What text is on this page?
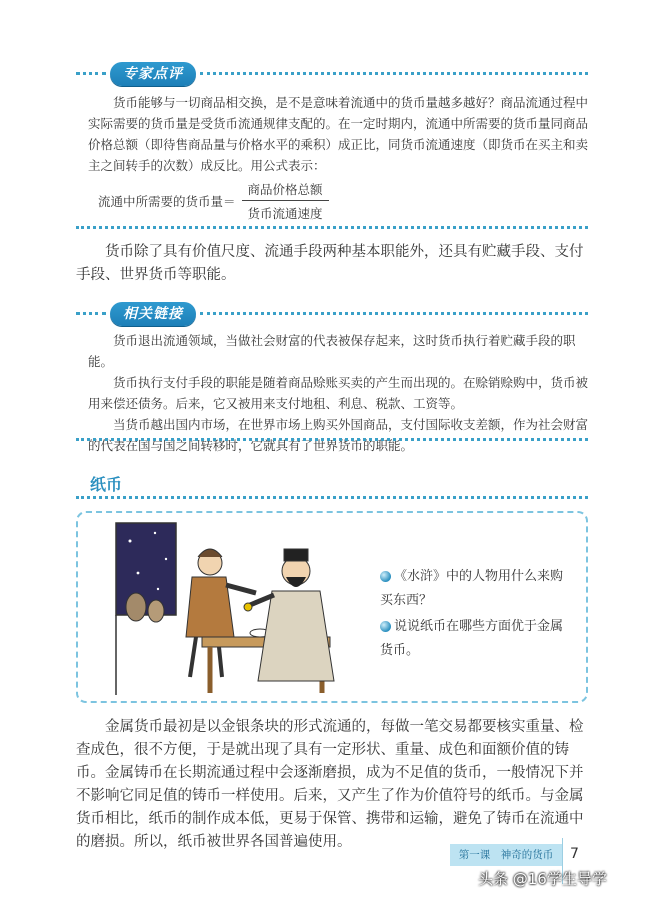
专家点评

货币能够与一切商品相交换，是不是意味着流通中的货币量越多越好？商品流通过程中实际需要的货币量是受货币流通规律支配的。在一定时期内，流通中所需要的货币量同商品价格总额（即待售商品量与价格水平的乘积）成正比，同货币流通速度（即货币在买主和卖主之间转手的次数）成反比。用公式表示：

流通中所需要的货币量＝ $\frac{\text{商品价格总额}}{\text{货币流通速度}}$

货币除了具有价值尺度、流通手段两种基本职能外，还具有贮藏手段、支付手段、世界货币等职能。

相关链接

货币退出流通领域，当做社会财富的代表被保存起来，这时货币执行着贮藏手段的职能。

货币执行支付手段的职能是随着商品赊账买卖的产生而出现的。在赊销赊购中，货币被用来偿还债务。后来，它又被用来支付地租、利息、税款、工资等。

当货币越出国内市场，在世界市场上购买外国商品，支付国际收支差额，作为社会财富的代表在国与国之间转移时，它就具有了世界货币的职能。

纸币
《水浒》中的人物用什么来购买东西？
说说纸币在哪些方面优于金属货币。

金属货币最初是以金银条块的形式流通的，每做一笔交易都要核实重量、检查成色，很不方便，于是就出现了具有一定形状、重量、成色和面额价值的铸币。金属铸币在长期流通过程中会逐渐磨损，成为不足值的货币，一般情况下并不影响它同足值的铸币一样使用。后来，又产生了作为价值符号的纸币。与金属货币相比，纸币的制作成本低，更易于保管、携带和运输，避免了铸币在流通中的磨损。所以，纸币被世界各国普遍使用。

第一课　神奇的货币	7
头条 @16学生导学
